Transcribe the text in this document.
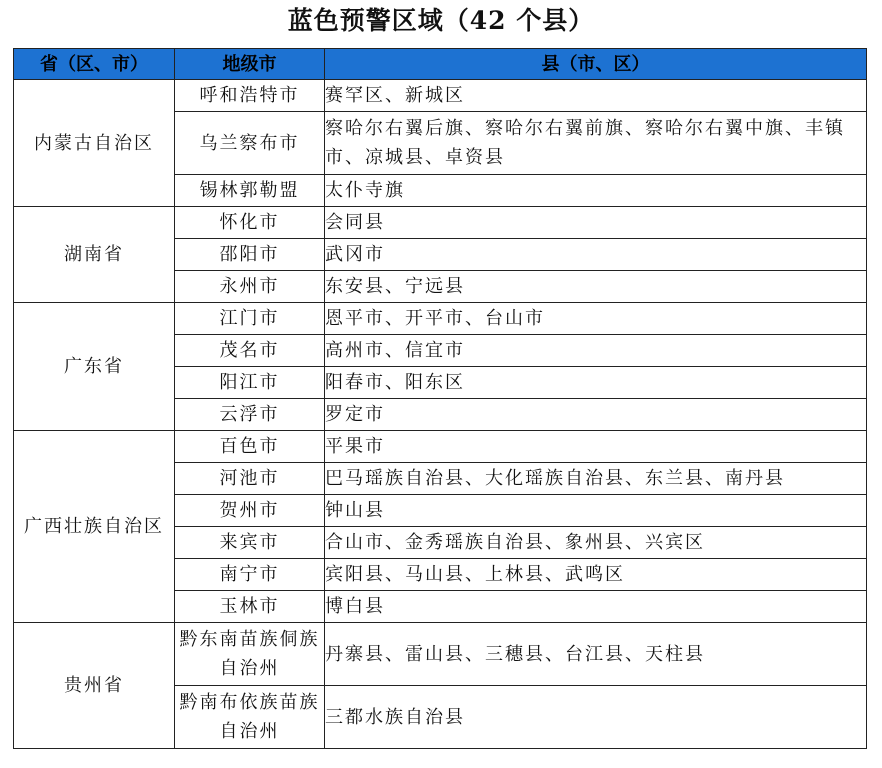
蓝色预警区域（42 个县）
省（区、市）	地级市	县（市、区）
内蒙古自治区	呼和浩特市	赛罕区、新城区
	乌兰察布市	察哈尔右翼后旗、察哈尔右翼前旗、察哈尔右翼中旗、丰镇市、凉城县、卓资县
	锡林郭勒盟	太仆寺旗
湖南省	怀化市	会同县
	邵阳市	武冈市
	永州市	东安县、宁远县
广东省	江门市	恩平市、开平市、台山市
	茂名市	高州市、信宜市
	阳江市	阳春市、阳东区
	云浮市	罗定市
广西壮族自治区	百色市	平果市
	河池市	巴马瑶族自治县、大化瑶族自治县、东兰县、南丹县
	贺州市	钟山县
	来宾市	合山市、金秀瑶族自治县、象州县、兴宾区
	南宁市	宾阳县、马山县、上林县、武鸣区
	玉林市	博白县
贵州省	黔东南苗族侗族自治州	丹寨县、雷山县、三穗县、台江县、天柱县
	黔南布依族苗族自治州	三都水族自治县
